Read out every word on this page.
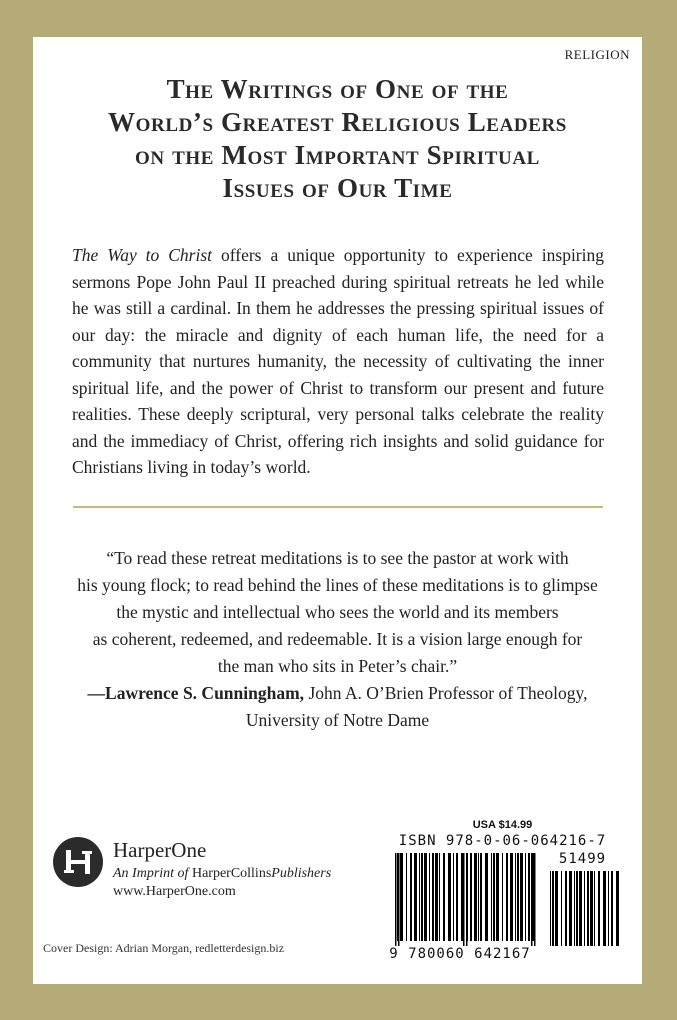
RELIGION
The Writings of One of the
World’s Greatest Religious Leaders
on the Most Important Spiritual
Issues of Our Time
The Way to Christ offers a unique opportunity to experience inspiring sermons Pope John Paul II preached during spiritual retreats he led while he was still a cardinal. In them he addresses the pressing spiritual issues of our day: the miracle and dignity of each human life, the need for a community that nurtures humanity, the necessity of cultivating the inner spiritual life, and the power of Christ to transform our present and future realities. These deeply scriptural, very personal talks celebrate the reality and the immediacy of Christ, offering rich insights and solid guidance for Christians living in today’s world.
“To read these retreat meditations is to see the pastor at work with
his young flock; to read behind the lines of these meditations is to glimpse
the mystic and intellectual who sees the world and its members
as coherent, redeemed, and redeemable. It is a vision large enough for
the man who sits in Peter’s chair.”
—Lawrence S. Cunningham, John A. O’Brien Professor of Theology,
University of Notre Dame
HarperOne
An Imprint of HarperCollinsPublishers
www.HarperOne.com
Cover Design: Adrian Morgan, redletterdesign.biz
USA $14.99
ISBN 978-0-06-064216-7
51499
9 780060 642167
